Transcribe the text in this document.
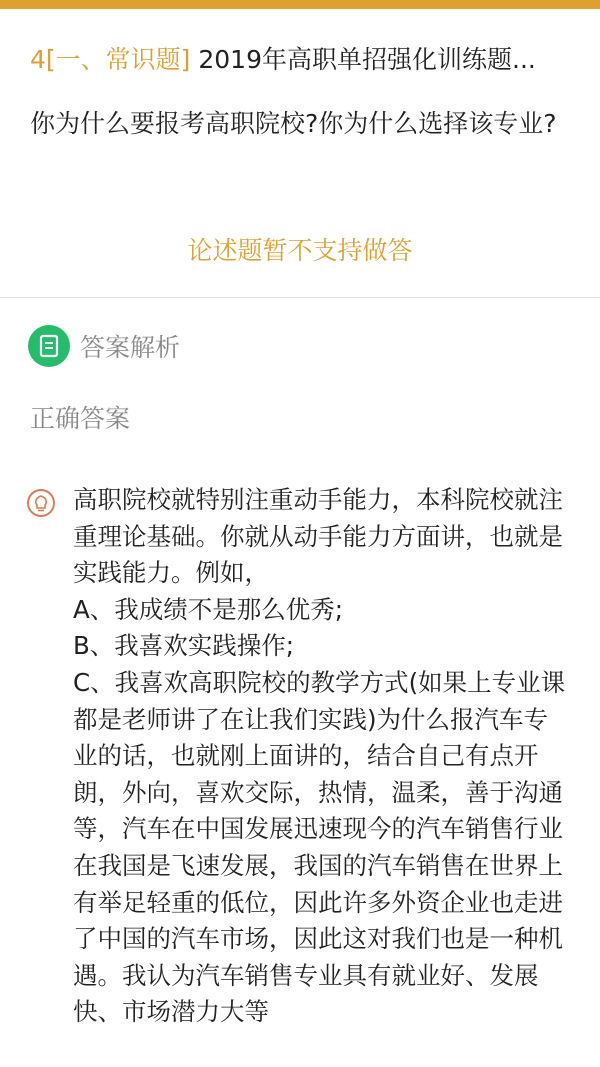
4[一、常识题] 2019年高职单招强化训练题...
你为什么要报考高职院校?你为什么选择该专业?
论述题暂不支持做答
答案解析
正确答案
高职院校就特别注重动手能力，本科院校就注
重理论基础。你就从动手能力方面讲，也就是
实践能力。例如，
A、我成绩不是那么优秀;
B、我喜欢实践操作;
C、我喜欢高职院校的教学方式(如果上专业课
都是老师讲了在让我们实践)为什么报汽车专
业的话，也就刚上面讲的，结合自己有点开
朗，外向，喜欢交际，热情，温柔，善于沟通
等，汽车在中国发展迅速现今的汽车销售行业
在我国是飞速发展，我国的汽车销售在世界上
有举足轻重的低位，因此许多外资企业也走进
了中国的汽车市场，因此这对我们也是一种机
遇。我认为汽车销售专业具有就业好、发展
快、市场潜力大等
